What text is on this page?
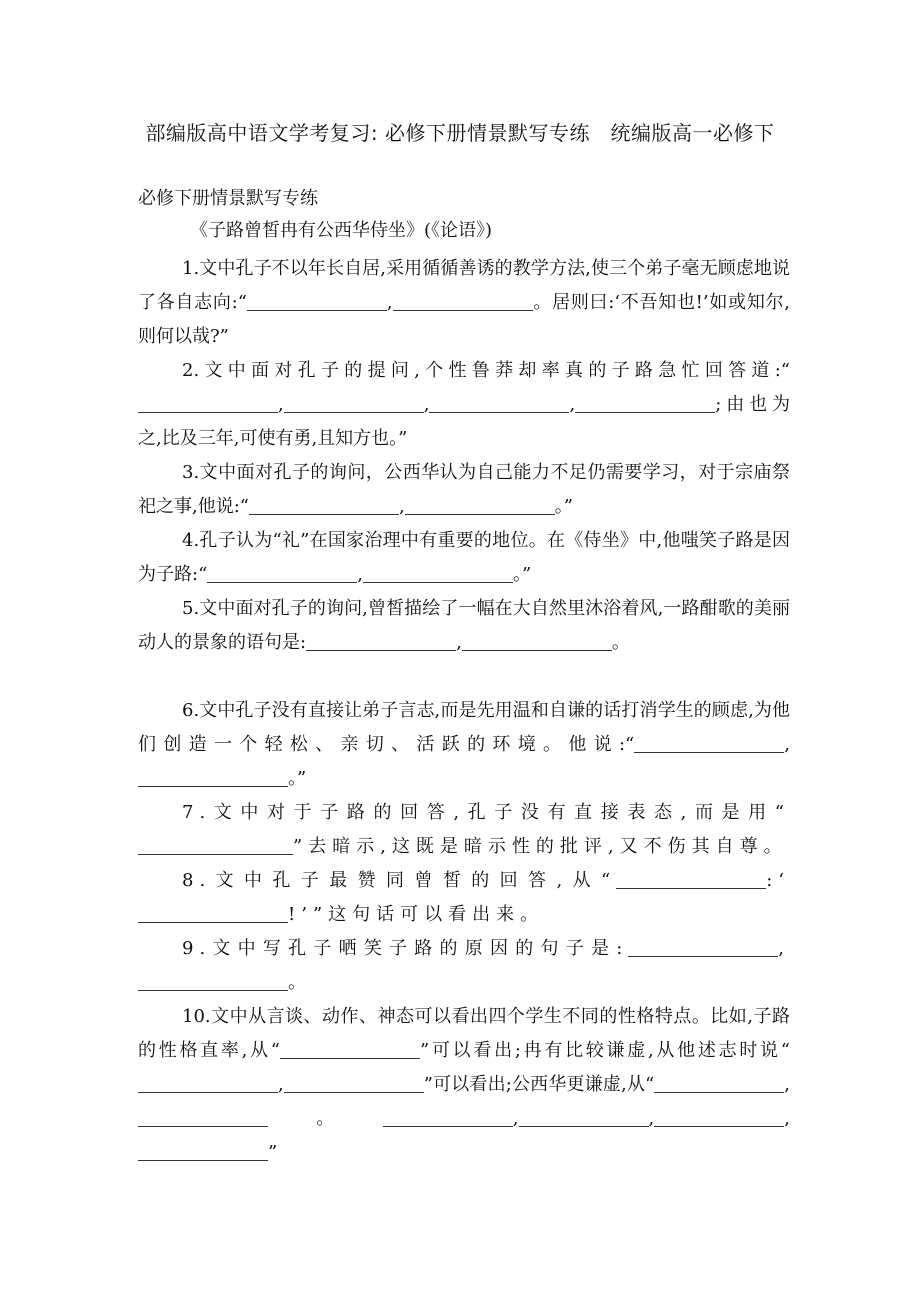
部编版高中语文学考复习: 必修下册情景默写专练　统编版高一必修下
必修下册情景默写专练
《子路曾皙冉有公西华侍坐》(《论语》)
1.文中孔子不以年长自居,采用循循善诱的教学方法,使三个弟子毫无顾虑地说了各自志向:“	,	。居则曰:‘不吾知也!’如或知尔,则何以哉?”
2.文中面对孔子的提问,个性鲁莽却率真的子路急忙回答道:“,	,	,	;由也为之,比及三年,可使有勇,且知方也。”
3.文中面对孔子的询问，公西华认为自己能力不足仍需要学习，对于宗庙祭祀之事,他说:“	,	。”
4.孔子认为“礼”在国家治理中有重要的地位。在《侍坐》中,他嗤笑子路是因为子路:“	,	。”
5.文中面对孔子的询问,曾皙描绘了一幅在大自然里沐浴着风,一路酣歌的美丽动人的景象的语句是:	,	。
6.文中孔子没有直接让弟子言志,而是先用温和自谦的话打消学生的顾虑,为他们创造一个轻松、亲切、活跃的环境。他说:“	,。”
7.文中对于子路的回答,孔子没有直接表态,而是用“”去暗示,这既是暗示性的批评,又不伤其自尊。
8.文中孔子最赞同曾皙的回答,从“	:‘!’”这句话可以看出来。
9.文中写孔子哂笑子路的原因的句子是:	,。
10.文中从言谈、动作、神态可以看出四个学生不同的性格特点。比如,子路的性格直率,从“	”可以看出;冉有比较谦虚,从他述志时说“,	”可以看出;公西华更谦虚,从“	,。	,	,	,”
